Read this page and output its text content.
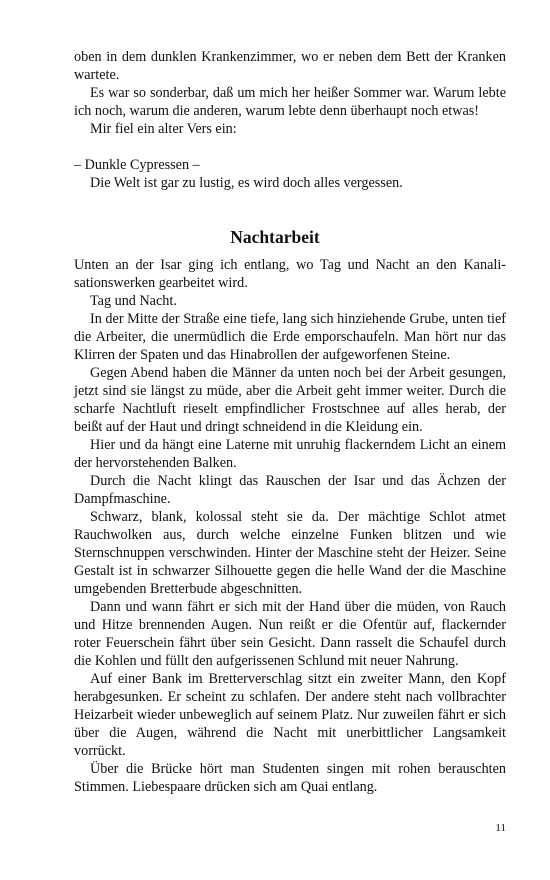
oben in dem dunklen Krankenzimmer, wo er neben dem Bett der Kranken wartete.

Es war so sonderbar, daß um mich her heißer Sommer war. Warum lebte ich noch, warum die anderen, warum lebte denn überhaupt noch etwas!

Mir fiel ein alter Vers ein:

– Dunkle Cypressen –

Die Welt ist gar zu lustig, es wird doch alles vergessen.

Nachtarbeit

Unten an der Isar ging ich entlang, wo Tag und Nacht an den Kanalisationswerken gearbeitet wird.

Tag und Nacht.

In der Mitte der Straße eine tiefe, lang sich hinziehende Grube, unten tief die Arbeiter, die unermüdlich die Erde emporschaufeln. Man hört nur das Klirren der Spaten und das Hinabrollen der aufgeworfenen Steine.

Gegen Abend haben die Männer da unten noch bei der Arbeit gesungen, jetzt sind sie längst zu müde, aber die Arbeit geht immer weiter. Durch die scharfe Nachtluft rieselt empfindlicher Frostschnee auf alles herab, der beißt auf der Haut und dringt schneidend in die Kleidung ein.

Hier und da hängt eine Laterne mit unruhig flackerndem Licht an einem der hervorstehenden Balken.

Durch die Nacht klingt das Rauschen der Isar und das Ächzen der Dampfmaschine.

Schwarz, blank, kolossal steht sie da. Der mächtige Schlot atmet Rauchwolken aus, durch welche einzelne Funken blitzen und wie Sternschnuppen verschwinden. Hinter der Maschine steht der Heizer. Seine Gestalt ist in schwarzer Silhouette gegen die helle Wand der die Maschine umgebenden Bretterbude abgeschnitten.

Dann und wann fährt er sich mit der Hand über die müden, von Rauch und Hitze brennenden Augen. Nun reißt er die Ofentür auf, flackernder roter Feuerschein fährt über sein Gesicht. Dann rasselt die Schaufel durch die Kohlen und füllt den aufgerissenen Schlund mit neuer Nahrung.

Auf einer Bank im Bretterverschlag sitzt ein zweiter Mann, den Kopf herabgesunken. Er scheint zu schlafen. Der andere steht nach vollbrachter Heizarbeit wieder unbeweglich auf seinem Platz. Nur zuweilen fährt er sich über die Augen, während die Nacht mit unerbittlicher Langsamkeit vorrückt.

Über die Brücke hört man Studenten singen mit rohen berauschten Stimmen. Liebespaare drücken sich am Quai entlang.

11
